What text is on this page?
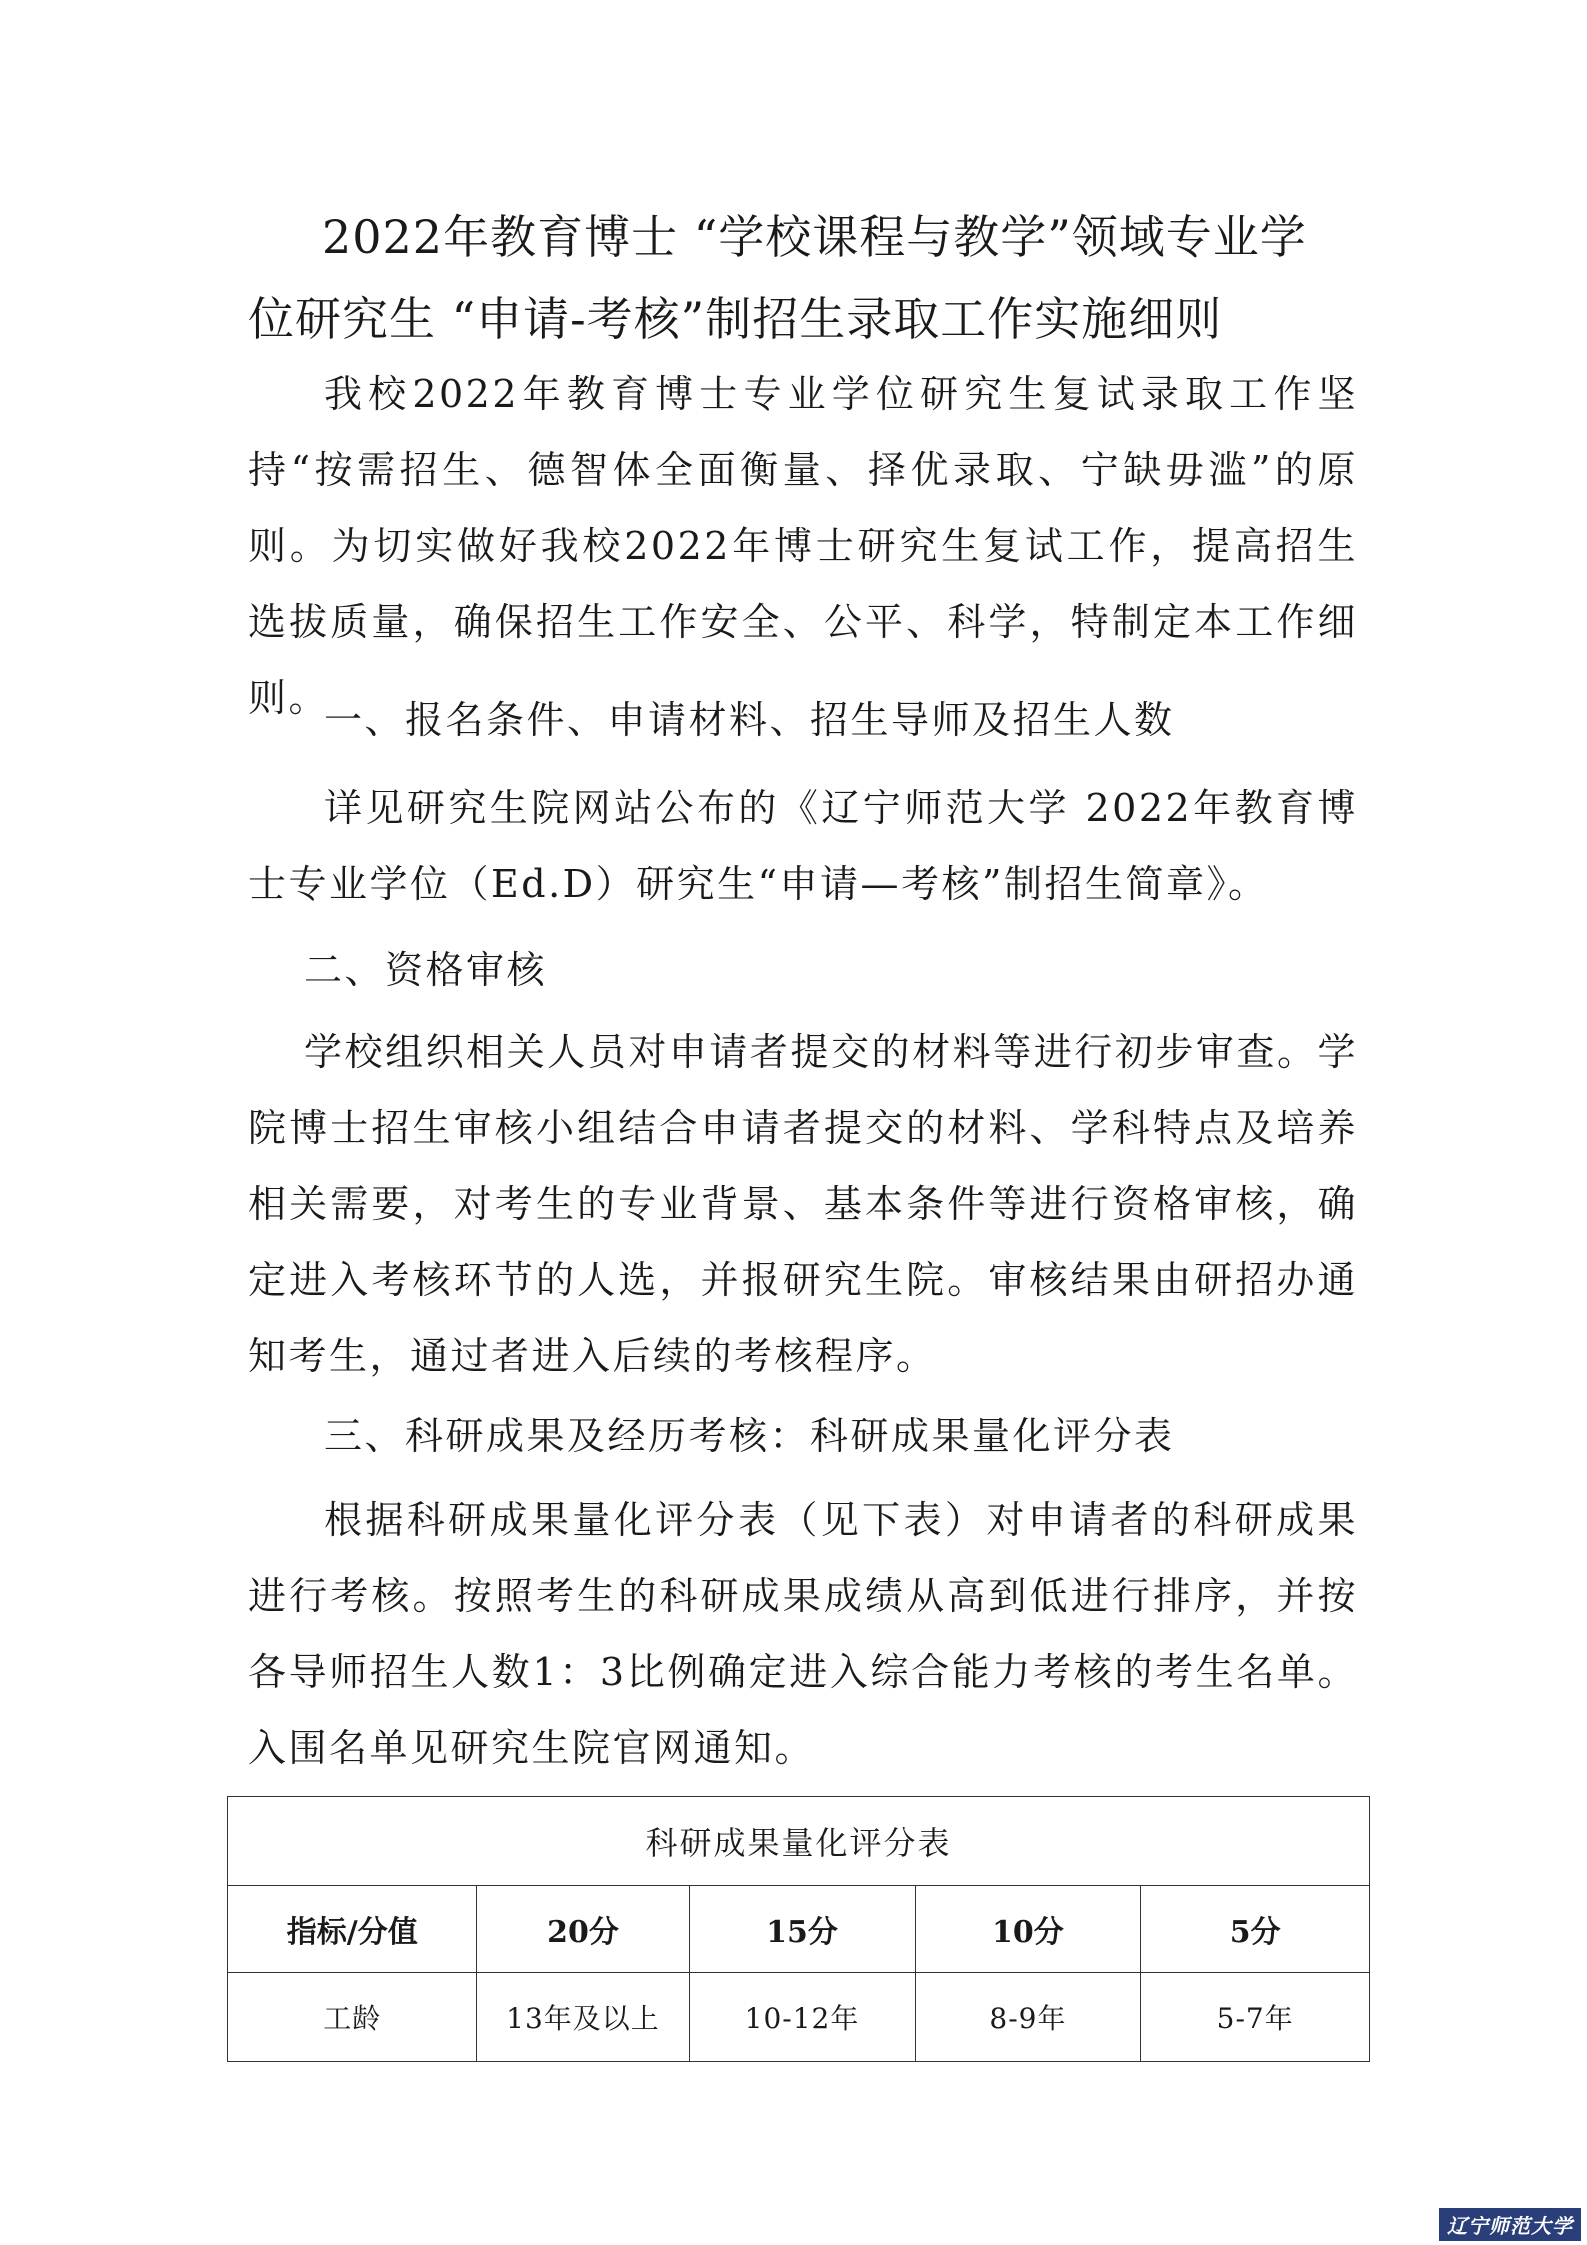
2022年教育博士 “学校课程与教学”领域专业学
位研究生 “申请-考核”制招生录取工作实施细则

我校2022年教育博士专业学位研究生复试录取工作坚持“按需招生、德智体全面衡量、择优录取、宁缺毋滥”的原则。为切实做好我校2022年博士研究生复试工作，提高招生选拔质量，确保招生工作安全、公平、科学，特制定本工作细则。

一、报名条件、申请材料、招生导师及招生人数

详见研究生院网站公布的《辽宁师范大学 2022年教育博士专业学位（Ed.D）研究生“申请—考核”制招生简章》。

二、资格审核

学校组织相关人员对申请者提交的材料等进行初步审查。学院博士招生审核小组结合申请者提交的材料、学科特点及培养相关需要，对考生的专业背景、基本条件等进行资格审核，确定进入考核环节的人选，并报研究生院。审核结果由研招办通知考生，通过者进入后续的考核程序。

三、科研成果及经历考核：科研成果量化评分表

根据科研成果量化评分表（见下表）对申请者的科研成果进行考核。按照考生的科研成果成绩从高到低进行排序，并按各导师招生人数1：3比例确定进入综合能力考核的考生名单。入围名单见研究生院官网通知。

科研成果量化评分表				
指标/分值	20分	15分	10分	5分
工龄	13年及以上	10-12年	8-9年	5-7年
辽宁师范大学
